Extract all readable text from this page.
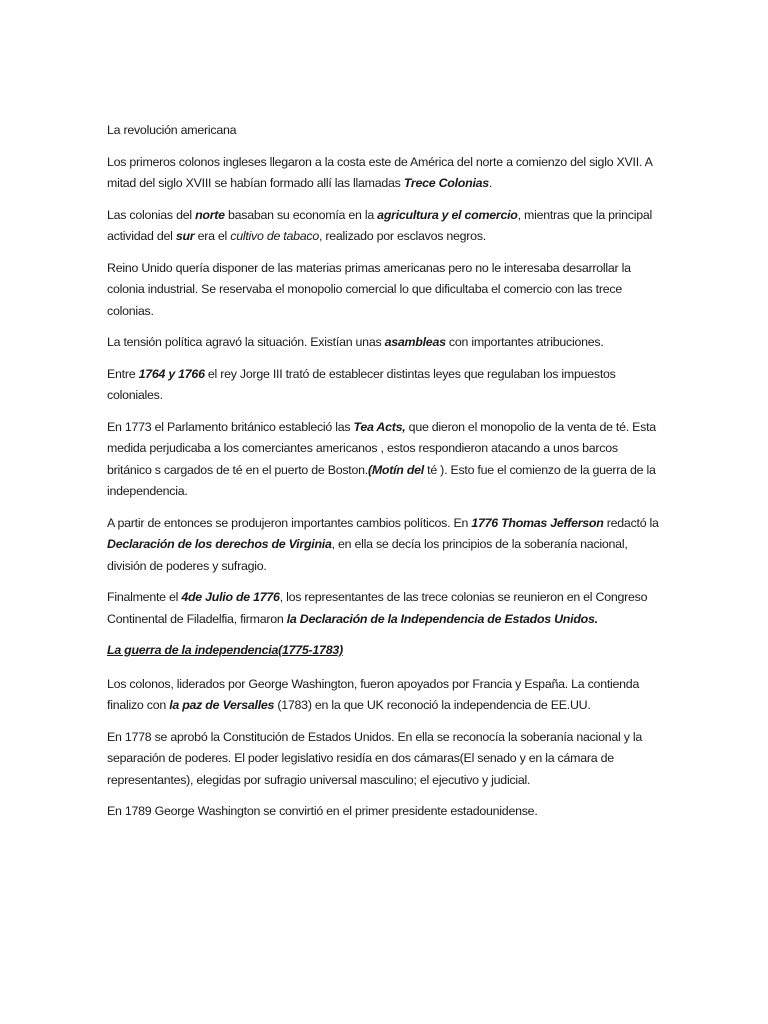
La revolución americana

Los primeros colonos ingleses llegaron a la costa este de América del norte a comienzo del siglo XVII. A mitad del siglo XVIII se habían formado allí las llamadas Trece Colonias.

Las colonias del norte basaban su economía en la agricultura y el comercio, mientras que la principal actividad del sur era el cultivo de tabaco, realizado por esclavos negros.

Reino Unido quería disponer de las materias primas americanas pero no le interesaba desarrollar la colonia industrial. Se reservaba el monopolio comercial lo que dificultaba el comercio con las trece colonias.

La tensión política agravó la situación. Existían unas asambleas con importantes atribuciones.

Entre 1764 y 1766 el rey Jorge III trató de establecer distintas leyes que regulaban los impuestos coloniales.

En 1773 el Parlamento británico estableció las Tea Acts, que dieron el monopolio de la venta de té. Esta medida perjudicaba a los comerciantes americanos , estos respondieron atacando a unos barcos británico s cargados de té en el puerto de Boston.(Motín del té ). Esto fue el comienzo de la guerra de la independencia.

A partir de entonces se produjeron importantes cambios políticos. En 1776 Thomas Jefferson redactó la Declaración de los derechos de Virginia, en ella se decía los principios de la soberanía nacional, división de poderes y sufragio.

Finalmente el 4de Julio de 1776, los representantes de las trece colonias se reunieron en el Congreso Continental de Filadelfia, firmaron la Declaración de la Independencia de Estados Unidos.

La guerra de la independencia(1775-1783)

Los colonos, liderados por George Washington, fueron apoyados por Francia y España. La contienda finalizo con la paz de Versalles (1783) en la que UK reconoció la independencia de EE.UU.

En 1778 se aprobó la Constitución de Estados Unidos. En ella se reconocía la soberanía nacional y la separación de poderes. El poder legislativo residía en dos cámaras(El senado y en la cámara de representantes), elegidas por sufragio universal masculino; el ejecutivo y judicial.

En 1789 George Washington se convirtió en el primer presidente estadounidense.
